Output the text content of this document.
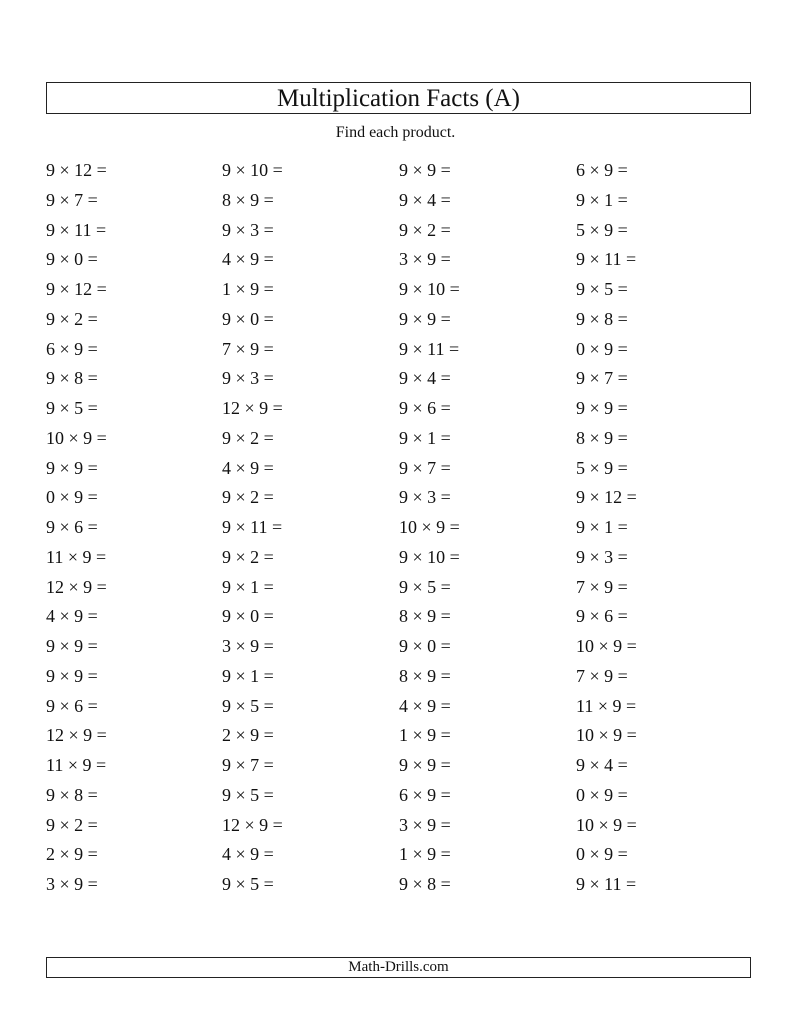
Multiplication Facts (A)
Find each product.
9 × 12 =	9 × 10 =	9 × 9 =	6 × 9 =
9 × 7 =	8 × 9 =	9 × 4 =	9 × 1 =
9 × 11 =	9 × 3 =	9 × 2 =	5 × 9 =
9 × 0 =	4 × 9 =	3 × 9 =	9 × 11 =
9 × 12 =	1 × 9 =	9 × 10 =	9 × 5 =
9 × 2 =	9 × 0 =	9 × 9 =	9 × 8 =
6 × 9 =	7 × 9 =	9 × 11 =	0 × 9 =
9 × 8 =	9 × 3 =	9 × 4 =	9 × 7 =
9 × 5 =	12 × 9 =	9 × 6 =	9 × 9 =
10 × 9 =	9 × 2 =	9 × 1 =	8 × 9 =
9 × 9 =	4 × 9 =	9 × 7 =	5 × 9 =
0 × 9 =	9 × 2 =	9 × 3 =	9 × 12 =
9 × 6 =	9 × 11 =	10 × 9 =	9 × 1 =
11 × 9 =	9 × 2 =	9 × 10 =	9 × 3 =
12 × 9 =	9 × 1 =	9 × 5 =	7 × 9 =
4 × 9 =	9 × 0 =	8 × 9 =	9 × 6 =
9 × 9 =	3 × 9 =	9 × 0 =	10 × 9 =
9 × 9 =	9 × 1 =	8 × 9 =	7 × 9 =
9 × 6 =	9 × 5 =	4 × 9 =	11 × 9 =
12 × 9 =	2 × 9 =	1 × 9 =	10 × 9 =
11 × 9 =	9 × 7 =	9 × 9 =	9 × 4 =
9 × 8 =	9 × 5 =	6 × 9 =	0 × 9 =
9 × 2 =	12 × 9 =	3 × 9 =	10 × 9 =
2 × 9 =	4 × 9 =	1 × 9 =	0 × 9 =
3 × 9 =	9 × 5 =	9 × 8 =	9 × 11 =
Math-Drills.com
